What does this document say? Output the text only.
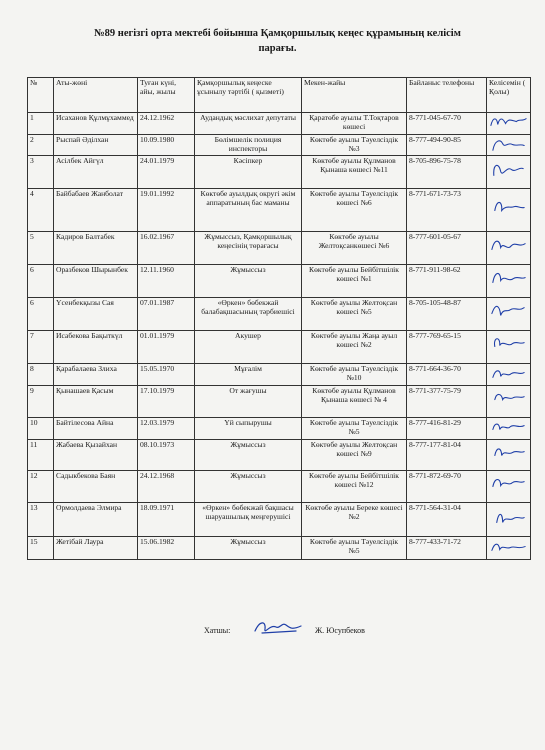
№89 негізгі орта мектебі бойынша Қамқоршылық кеңес құрамының келісім
парағы.
№	Аты-жөні	Туған күні, айы, жылы	Қамқоршылық кеңеске ұсынылу тәртібі ( қызметі)	Мекен-жайы	Байланыс телефоны	Келісемін ( Қолы)
1	Исаханов Құлмұхаммед	24.12.1962	Аудандық мәслихат депутаты	Қаратөбе ауылы Т.Тоқтаров көшесі	8-771-045-67-70	

2	Рыспай Әділхан	10.09.1980	Бөлімшелік полиция инспекторы	Көктөбе ауылы Тәуелсіздік №3	8-777-494-90-85	

3	Асілбек Айгүл	24.01.1979	Кәсіпкер	Көктөбе ауылы Құлманов Қынаша көшесі №11	8-705-896-75-78	

4	Байбабаев Жанболат	19.01.1992	Көктөбе ауылдық округі әкім аппаратының бас маманы	Көктөбе ауылы Тәуелсіздік көшесі №6	8-771-671-73-73	

5	Кадиров Балтабек	16.02.1967	Жұмыссыз, Қамқоршылық кеңесінің төрағасы	Көктөбе ауылы Желтоқсанкөшесі №6	8-777-601-05-67	

6	Оразбеков Шырынбек	12.11.1960	Жұмыссыз	Көктөбе ауылы Бейбітшілік көшесі №1	8-771-911-98-62	

6	Үсенбекқызы Сая	07.01.1987	«Өркен» бөбекжай балабақшасының тәрбиешісі	Көктөбе ауылы Желтоқсан көшесі №5	8-705-105-48-87	

7	Исабекова Бақыткүл	01.01.1979	Акушер	Көктөбе ауылы Жаңа ауыл көшесі №2	8-777-769-65-15	

8	Қарабалаева Злиха	15.05.1970	Мұғалім	Көктөбе ауылы Тәуелсіздік №10	8-771-664-36-70	

9	Қынашаев Қасым	17.10.1979	От жағушы	Көктөбе ауылы Құлманов Қынаша көшесі № 4	8-771-377-75-79	

10	Байтілесова Айна	12.03.1979	Үй сыпырушы	Көктөбе ауылы Тәуелсіздік №5	8-777-416-81-29	

11	Жабаева Қызайхан	08.10.1973	Жұмыссыз	Көктөбе ауылы Желтоқсан көшесі №9	8-777-177-81-04	

12	Садыкбекова Баян	24.12.1968	Жұмыссыз	Көктөбе ауылы Бейбітшілік көшесі №12	8-771-872-69-70	

13	Ормолдаева Элмира	18.09.1971	«Өркен» бөбекжай бақшасы шаруашылық меңгерушісі	Көктөбе ауылы Береке көшесі №2	8-771-564-31-04	

15	Жетібай Лаура	15.06.1982	Жұмыссыз	Көктөбе ауылы Тәуелсіздік №5	8-777-433-71-72	
Хатшы:	Ж. Юсупбеков
